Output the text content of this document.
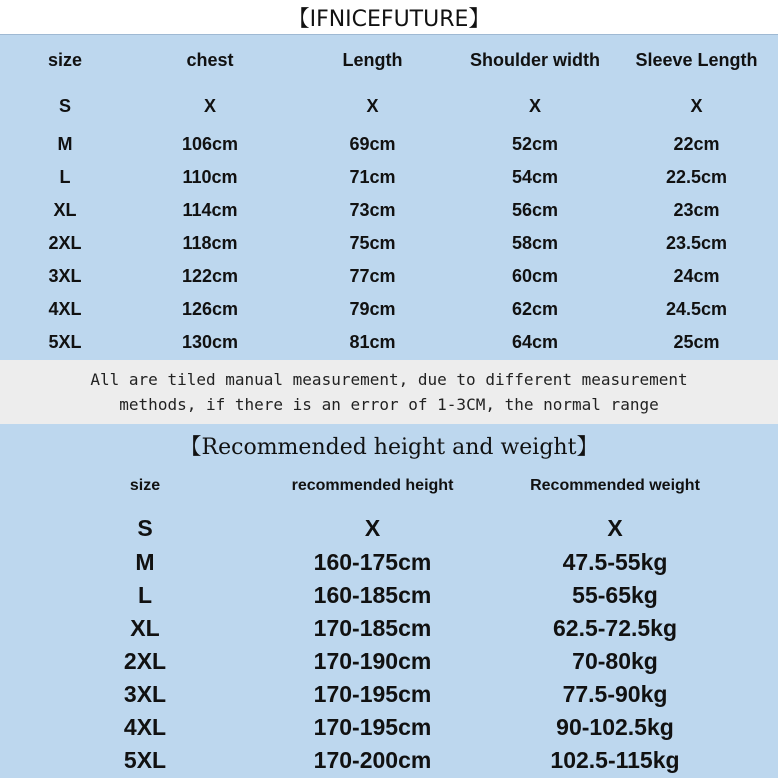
【IFNICEFUTURE】
size	chest	Length	Shoulder width	Sleeve Length
S	X	X	X	X
M	106cm	69cm	52cm	22cm
L	110cm	71cm	54cm	22.5cm
XL	114cm	73cm	56cm	23cm
2XL	118cm	75cm	58cm	23.5cm
3XL	122cm	77cm	60cm	24cm
4XL	126cm	79cm	62cm	24.5cm
5XL	130cm	81cm	64cm	25cm
All are tiled manual measurement, due to different measurement
methods, if there is an error of 1-3CM, the normal range
【Recommended height and weight】
size	recommended height	Recommended weight
S	X	X
M	160-175cm	47.5-55kg
L	160-185cm	55-65kg
XL	170-185cm	62.5-72.5kg
2XL	170-190cm	70-80kg
3XL	170-195cm	77.5-90kg
4XL	170-195cm	90-102.5kg
5XL	170-200cm	102.5-115kg
